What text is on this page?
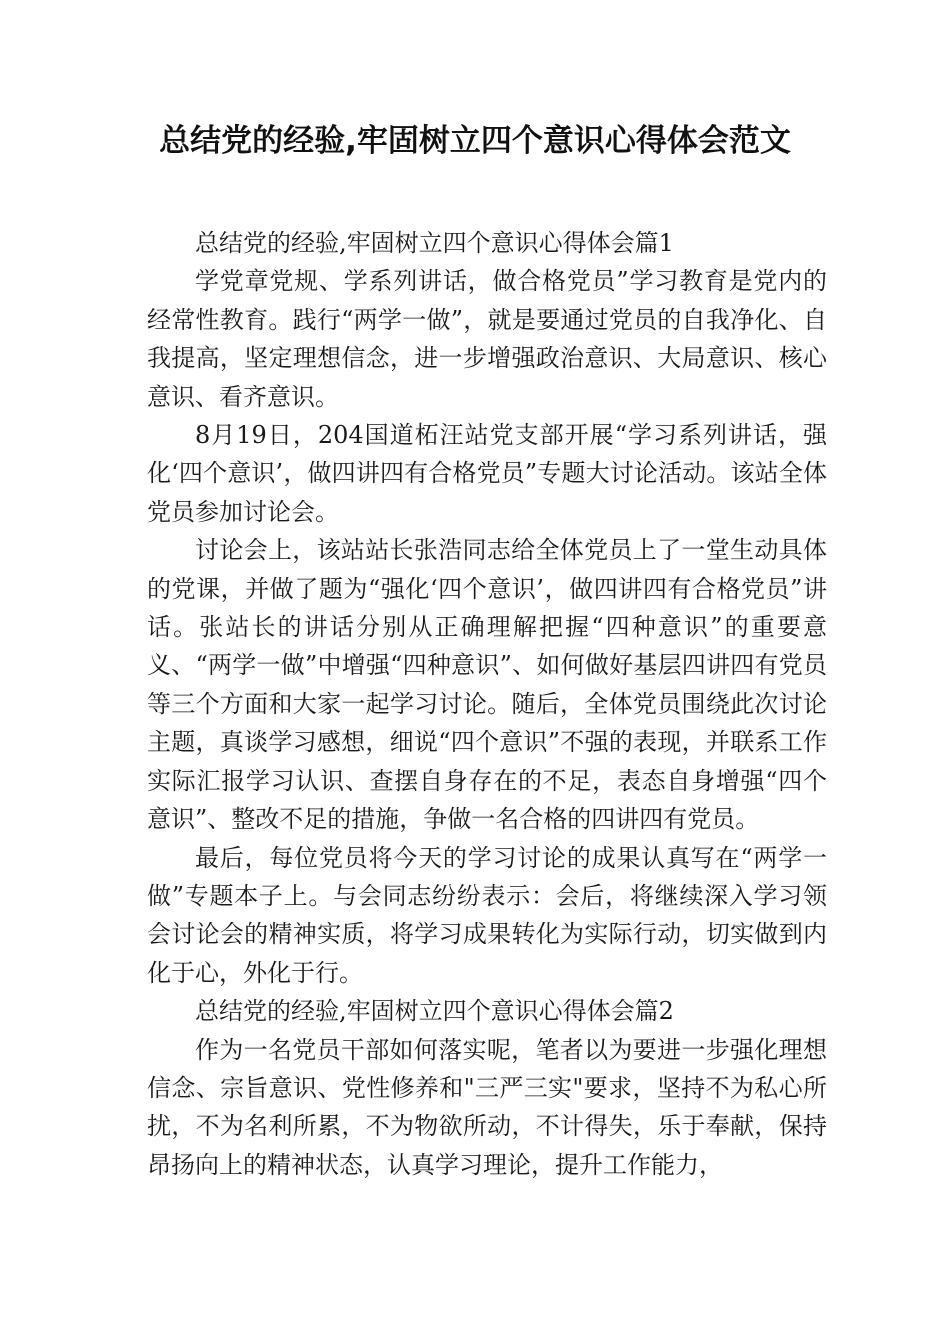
总结党的经验,牢固树立四个意识心得体会范文

总结党的经验,牢固树立四个意识心得体会篇1

学党章党规、学系列讲话，做合格党员”学习教育是党内的经常性教育。践行“两学一做”，就是要通过党员的自我净化、自我提高，坚定理想信念，进一步增强政治意识、大局意识、核心意识、看齐意识。

8月19日，204国道柘汪站党支部开展“学习系列讲话，强化‘四个意识’，做四讲四有合格党员”专题大讨论活动。该站全体党员参加讨论会。

讨论会上，该站站长张浩同志给全体党员上了一堂生动具体的党课，并做了题为“强化‘四个意识’，做四讲四有合格党员”讲话。张站长的讲话分别从正确理解把握“四种意识”的重要意义、“两学一做”中增强“四种意识”、如何做好基层四讲四有党员等三个方面和大家一起学习讨论。随后，全体党员围绕此次讨论主题，真谈学习感想，细说“四个意识”不强的表现，并联系工作实际汇报学习认识、查摆自身存在的不足，表态自身增强“四个意识”、整改不足的措施，争做一名合格的四讲四有党员。

最后，每位党员将今天的学习讨论的成果认真写在“两学一做”专题本子上。与会同志纷纷表示：会后，将继续深入学习领会讨论会的精神实质，将学习成果转化为实际行动，切实做到内化于心，外化于行。

总结党的经验,牢固树立四个意识心得体会篇2

作为一名党员干部如何落实呢，笔者以为要进一步强化理想信念、宗旨意识、党性修养和"三严三实"要求，坚持不为私心所扰，不为名利所累，不为物欲所动，不计得失，乐于奉献，保持昂扬向上的精神状态，认真学习理论，提升工作能力，
